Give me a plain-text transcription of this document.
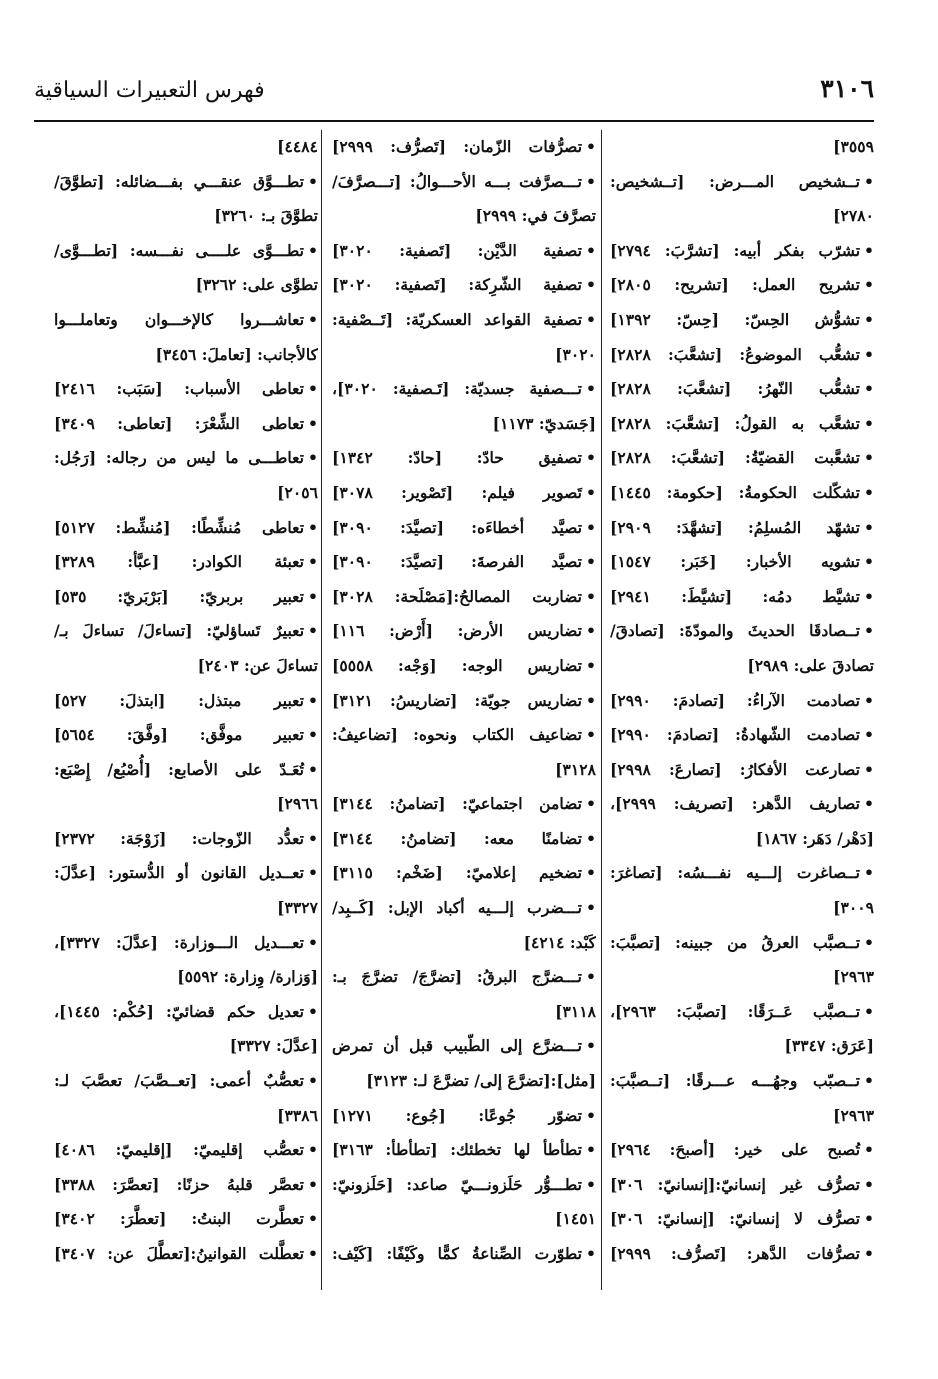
٣١٠٦
فهرس التعبيرات السياقية
٣٥٥٩]
•تــشخيص المـــرض: [تــشخيص:
٢٧٨٠]
•تشرّب بفكر أبيه: [تشرَّبَ: ٢٧٩٤]
•تشريح العمل: [تشريح: ٢٨٠٥]
•تشوُّش الحِسّ: [حِسّ: ١٣٩٢]
•تشعُّب الموضوعُ: [تشعَّبَ: ٢٨٢٨]
•تشعُّب النّهرُ: [تشعَّبَ: ٢٨٢٨]
•تشعَّب به القولُ: [تشعَّبَ: ٢٨٢٨]
•تشعَّبت القضيّةُ: [تشعَّبَ: ٢٨٢٨]
•تشكّلت الحكومةُ: [حكومة: ١٤٤٥]
•تشهّد المُسلِمُ: [تشهَّدَ: ٢٩٠٩]
•تشويه الأخبار: [خَبَر: ١٥٤٧]
•تشيَّط دمُه: [تشيَّطَ: ٢٩٤١]
•تــصادقَا الحديثَ والمودّةَ: [تصادقَ/
تصادقَ على: ٢٩٨٩]
•تصادمت الآراءُ: [تصادمَ: ٢٩٩٠]
•تصادمت الشّهادةُ: [تصادمَ: ٢٩٩٠]
•تصارعت الأفكارُ: [تصارعَ: ٢٩٩٨]
•تصاريف الدَّهر: [تصريف: ٢٩٩٩]،
[دَهْر/ دَهَر: ١٨٦٧]
•تــصاغرت إلـــيه نفـــسُه: [تصاغرَ:
٣٠٠٩]
•تــصبَّب العرقُ من جبينه: [تصبَّبَ:
٢٩٦٣]
•تــصبَّب عَــرَقًا: [تصبَّبَ: ٢٩٦٣]،
[عَرَق: ٣٣٤٧]
•تــصبّب وجهُـــه عـــرقًا: [تــصبَّبَ:
٢٩٦٣]
•تُصبح على خير: [أصبحَ: ٢٩٦٤]
•تصرُّف غير إنسانيّ:[إنسانيّ: ٣٠٦]
•تصرُّف لا إنسانيّ: [إنسانيّ: ٣٠٦]
•تصرُّفات الدَّهر: [تَصرُّف: ٢٩٩٩]
•تصرُّفات الزّمان: [تَصرُّف: ٢٩٩٩]
•تـــصرَّفت بـــه الأحـــوالُ: [تـــصرَّفَ/
تصرَّفَ في: ٢٩٩٩]
•تصفية الدَّيْن: [تَصفية: ٣٠٢٠]
•تصفية الشّرِكة: [تَصفية: ٣٠٢٠]
•تصفية القواعد العسكريّة: [تَــصْفية:
٣٠٢٠]
•تـــصفية جسديّة: [تَـصفية: ٣٠٢٠]،
[جَسَديّ: ١١٧٣]
•تصفيق حادّ: [حادّ: ١٣٤٢]
•تَصوير فيلم: [تَصْوير: ٣٠٧٨]
•تصيَّد أخطاءَه: [تصيَّدَ: ٣٠٩٠]
•تصيَّد الفرصةَ: [تصيَّدَ: ٣٠٩٠]
•تضاربت المصالحُ:[مَصْلَحة: ٣٠٢٨]
•تضاريس الأرض: [أَرْض: ١١٦]
•تضاريس الوجه: [وَجْه: ٥٥٥٨]
•تضاريس جويّة: [تضاريسُ: ٣١٢١]
•تضاعيف الكتاب ونحوه: [تضاعيفُ:
٣١٢٨]
•تضامن اجتماعيّ: [تضامنُ: ٣١٤٤]
•تضامنًا معه: [تضامنُ: ٣١٤٤]
•تضخيم إعلاميّ: [ضَخْم: ٣١١٥]
•تـــضرب إلـــيه أكباد الإبل: [كَــبِد/
كَبْد: ٤٢١٤]
•تـــضرَّج البرقُ: [تضرَّجَ/ تضرَّجَ بـ:
٣١١٨]
•تـــضرَّع إلى الطّبيب قبل أن تمرض
[مثل]:[تضرَّعَ إلى/ تضرَّعَ لـ: ٣١٢٣]
•تضوّر جُوعًا: [جُوع: ١٢٧١]
•تطأطأ لها تخطئك: [تطأطأ: ٣١٦٣]
•تطـــوُّر حَلَزونـــيّ صاعد: [حَلَزونيّ:
١٤٥١]
•تطوّرت الصِّناعةُ كمًّا وكَيْفًا: [كَيْف:
٤٤٨٤]
•تطـــوَّق عنقـــي بفـــضائله: [تطوَّقَ/
تطوَّقَ بـ: ٣٢٦٠]
•تطـــوَّى علــــى نفـــسه: [تطـــوَّى/
تطوَّى على: ٣٢٦٢]
•تعاشـــروا كالإخـــوان وتعاملـــوا
كالأجانب: [تعاملَ: ٣٤٥٦]
•تعاطى الأسباب: [سَبَب: ٢٤١٦]
•تعاطى الشِّعْرَ: [تعاطى: ٣٤٠٩]
•تعاطـــى ما ليس من رجاله: [رَجُل:
٢٠٥٦]
•تعاطى مُنشِّطًا: [مُنشِّط: ٥١٢٧]
•تعبئة الكوادر: [عبَّأ: ٣٢٨٩]
•تعبير بربريّ: [بَرْبَريّ: ٥٣٥]
•تعبيرٌ تَساؤليّ: [تساءلَ/ تساءلَ بـ/
تساءلَ عن: ٢٤٠٣]
•تعبير مبتذل: [ابتذلَ: ٥٢٧]
•تعبير موفَّق: [وفَّقَ: ٥٦٥٤]
•تُعَـدّ على الأصابع: [أُصْبُع/ إِصْبَع:
٢٩٦٦]
•تعدُّد الزّوجات: [زَوْجَة: ٢٣٧٢]
•تعــديل القانون أو الدُّستور: [عدَّلَ:
٣٣٢٧]
•تعـــديل الـــوزارة: [عدَّلَ: ٣٣٢٧]،
[وَزارة/ وِزارة: ٥٥٩٢]
•تعديل حكم قضائيّ: [حُكْم: ١٤٤٥]،
[عدَّلَ: ٣٣٢٧]
•تعصُّبٌ أعمى: [تعــصَّبَ/ تعصَّبَ لـ:
٣٣٨٦]
•تعصُّب إقليميّ: [إقليميّ: ٤٠٨٦]
•تعصَّر قلبهُ حزنًا: [تعصَّرَ: ٣٣٨٨]
•تعطَّرت البنتُ: [تعطَّرَ: ٣٤٠٢]
•تعطَّلت القوانينُ:[تعطَّلَ عن: ٣٤٠٧]
